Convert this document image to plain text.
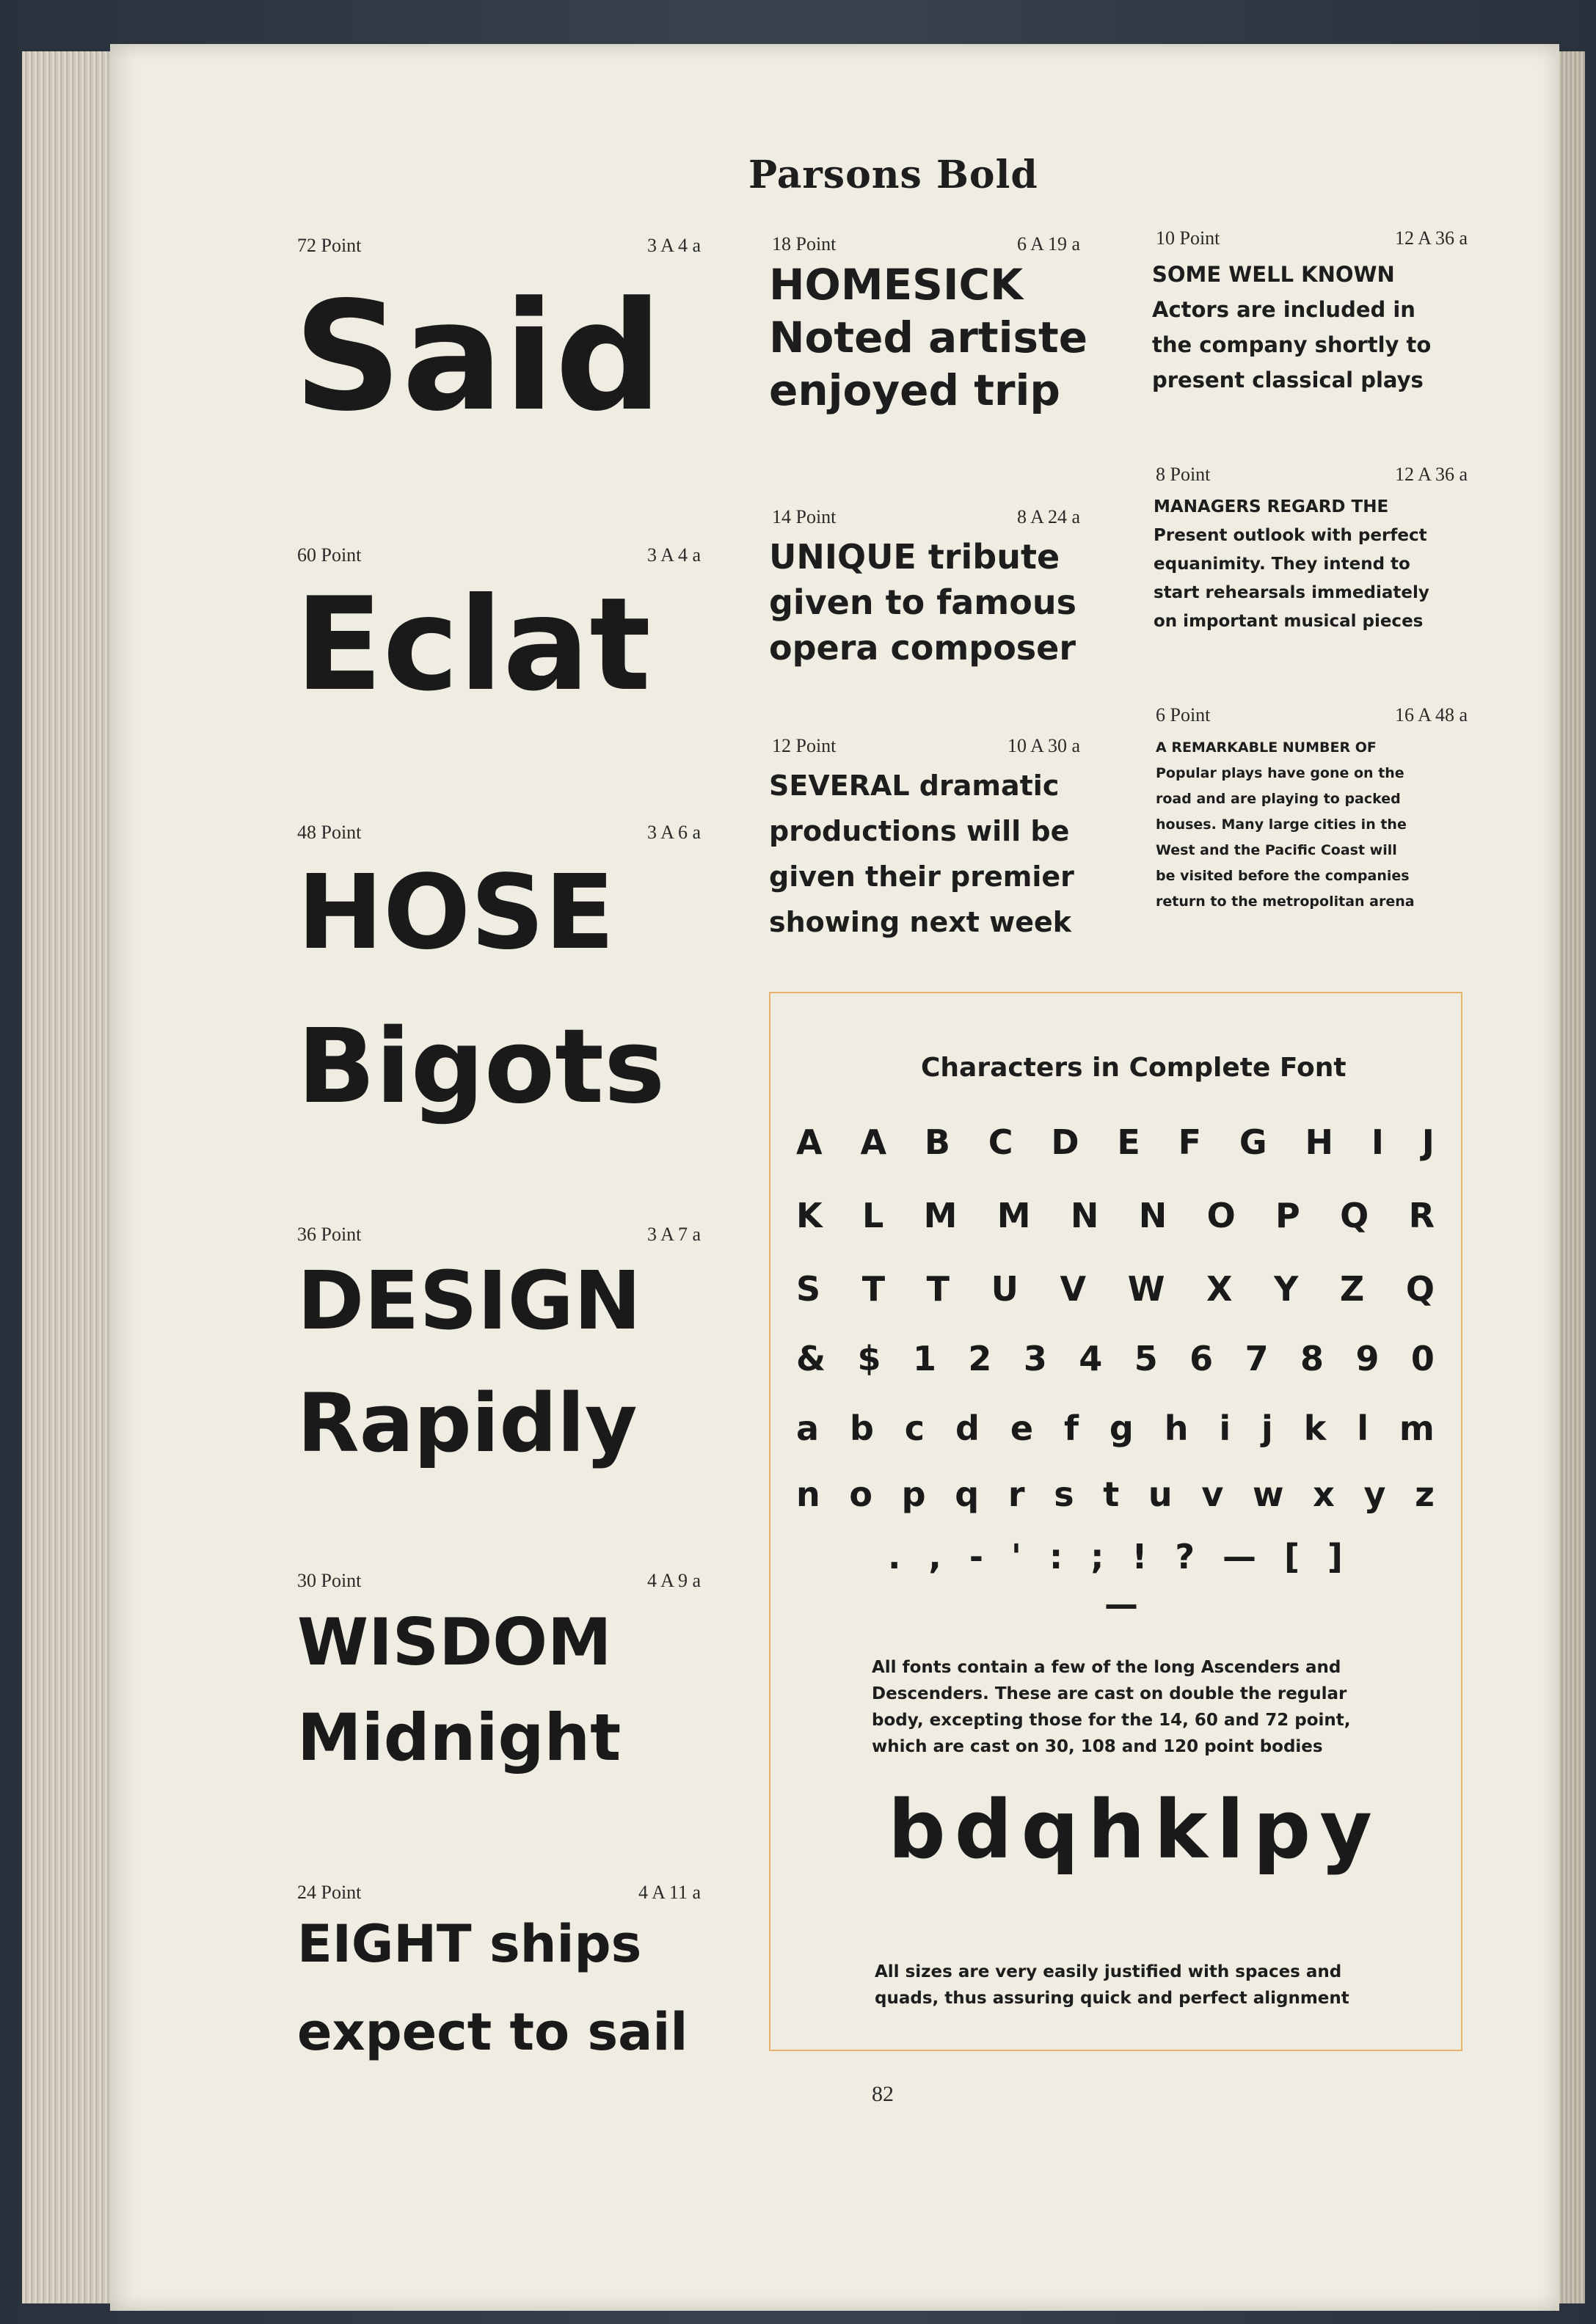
Parsons Bold
72 Point	3 A 4 a
Said
60 Point	3 A 4 a
Eclat
48 Point	3 A 6 a
HOSE
Bigots
36 Point	3 A 7 a
DESIGN
Rapidly
30 Point	4 A 9 a
WISDOM
Midnight
24 Point	4 A 11 a
EIGHT ships
expect to sail
18 Point	6 A 19 a
HOMESICK
Noted artiste
enjoyed trip
14 Point	8 A 24 a
UNIQUE tribute
given to famous
opera composer
12 Point	10 A 30 a
SEVERAL dramatic
productions will be
given their premier
showing next week
10 Point	12 A 36 a
SOME WELL KNOWN
Actors are included in
the company shortly to
present classical plays
8 Point	12 A 36 a
MANAGERS REGARD THE
Present outlook with perfect
equanimity. They intend to
start rehearsals immediately
on important musical pieces
6 Point	16 A 48 a
A REMARKABLE NUMBER OF
Popular plays have gone on the
road and are playing to packed
houses. Many large cities in the
West and the Pacific Coast will
be visited before the companies
return to the metropolitan arena
Characters in Complete Font
A A B C D E F G H I J
K L M M N N O P Q R
S T T U V W X Y Z Q
& $ 1 2 3 4 5 6 7 8 9 0
a b c d e f g h i j k l m
n o p q r s t u v w x y z
. , - ' : ; ! ? — [ ]
—
All fonts contain a few of the long Ascenders and
Descenders. These are cast on double the regular
body, excepting those for the 14, 60 and 72 point,
which are cast on 30, 108 and 120 point bodies
b d q h k l p y
All sizes are very easily justified with spaces and
quads, thus assuring quick and perfect alignment
82
